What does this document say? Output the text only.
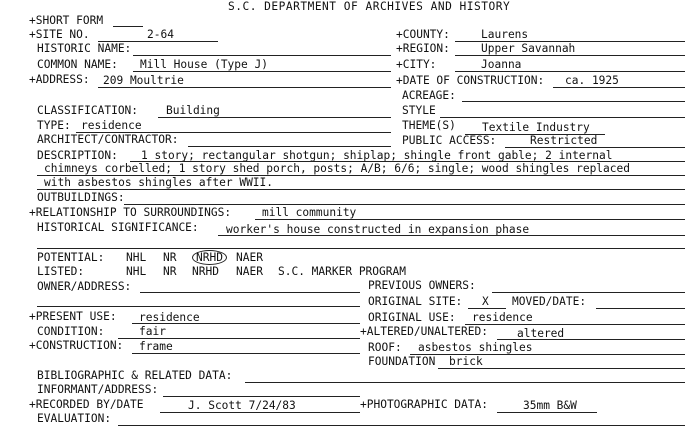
S.C. DEPARTMENT OF ARCHIVES AND HISTORY
+SHORT FORM
+SITE NO.	2-64	+COUNTY:	Laurens
HISTORIC NAME:	+REGION:	Upper Savannah
COMMON NAME: Mill House (Type J)	+CITY:	Joanna
+ADDRESS: 209 Moultrie	+DATE OF CONSTRUCTION: ca. 1925
ACREAGE:
CLASSIFICATION: Building	STYLE
TYPE: residence	THEME(S) Textile Industry
ARCHITECT/CONTRACTOR:	PUBLIC ACCESS:	Restricted
DESCRIPTION: 1 story; rectangular shotgun; shiplap; shingle front gable; 2 internal
chimneys corbelled; 1 story shed porch, posts; A/B; 6/6; single; wood shingles replaced
with asbestos shingles after WWII.
OUTBUILDINGS:
+RELATIONSHIP TO SURROUNDINGS:	mill community
HISTORICAL SIGNIFICANCE: worker's house constructed in expansion phase
POTENTIAL: NHL NR	NRHD	NAER
LISTED:	NHL NR NRHD NAER S.C. MARKER PROGRAM
OWNER/ADDRESS:	PREVIOUS OWNERS:
ORIGINAL SITE: X MOVED/DATE:
+PRESENT USE: residence	ORIGINAL USE: residence
CONDITION:	fair	+ALTERED/UNALTERED:	altered
+CONSTRUCTION: frame	ROOF: asbestos shingles
FOUNDATION brick
BIBLIOGRAPHIC & RELATED DATA:
INFORMANT/ADDRESS:
+RECORDED BY/DATE	J. Scott 7/24/83	+PHOTOGRAPHIC DATA:	35mm B&W
EVALUATION:
